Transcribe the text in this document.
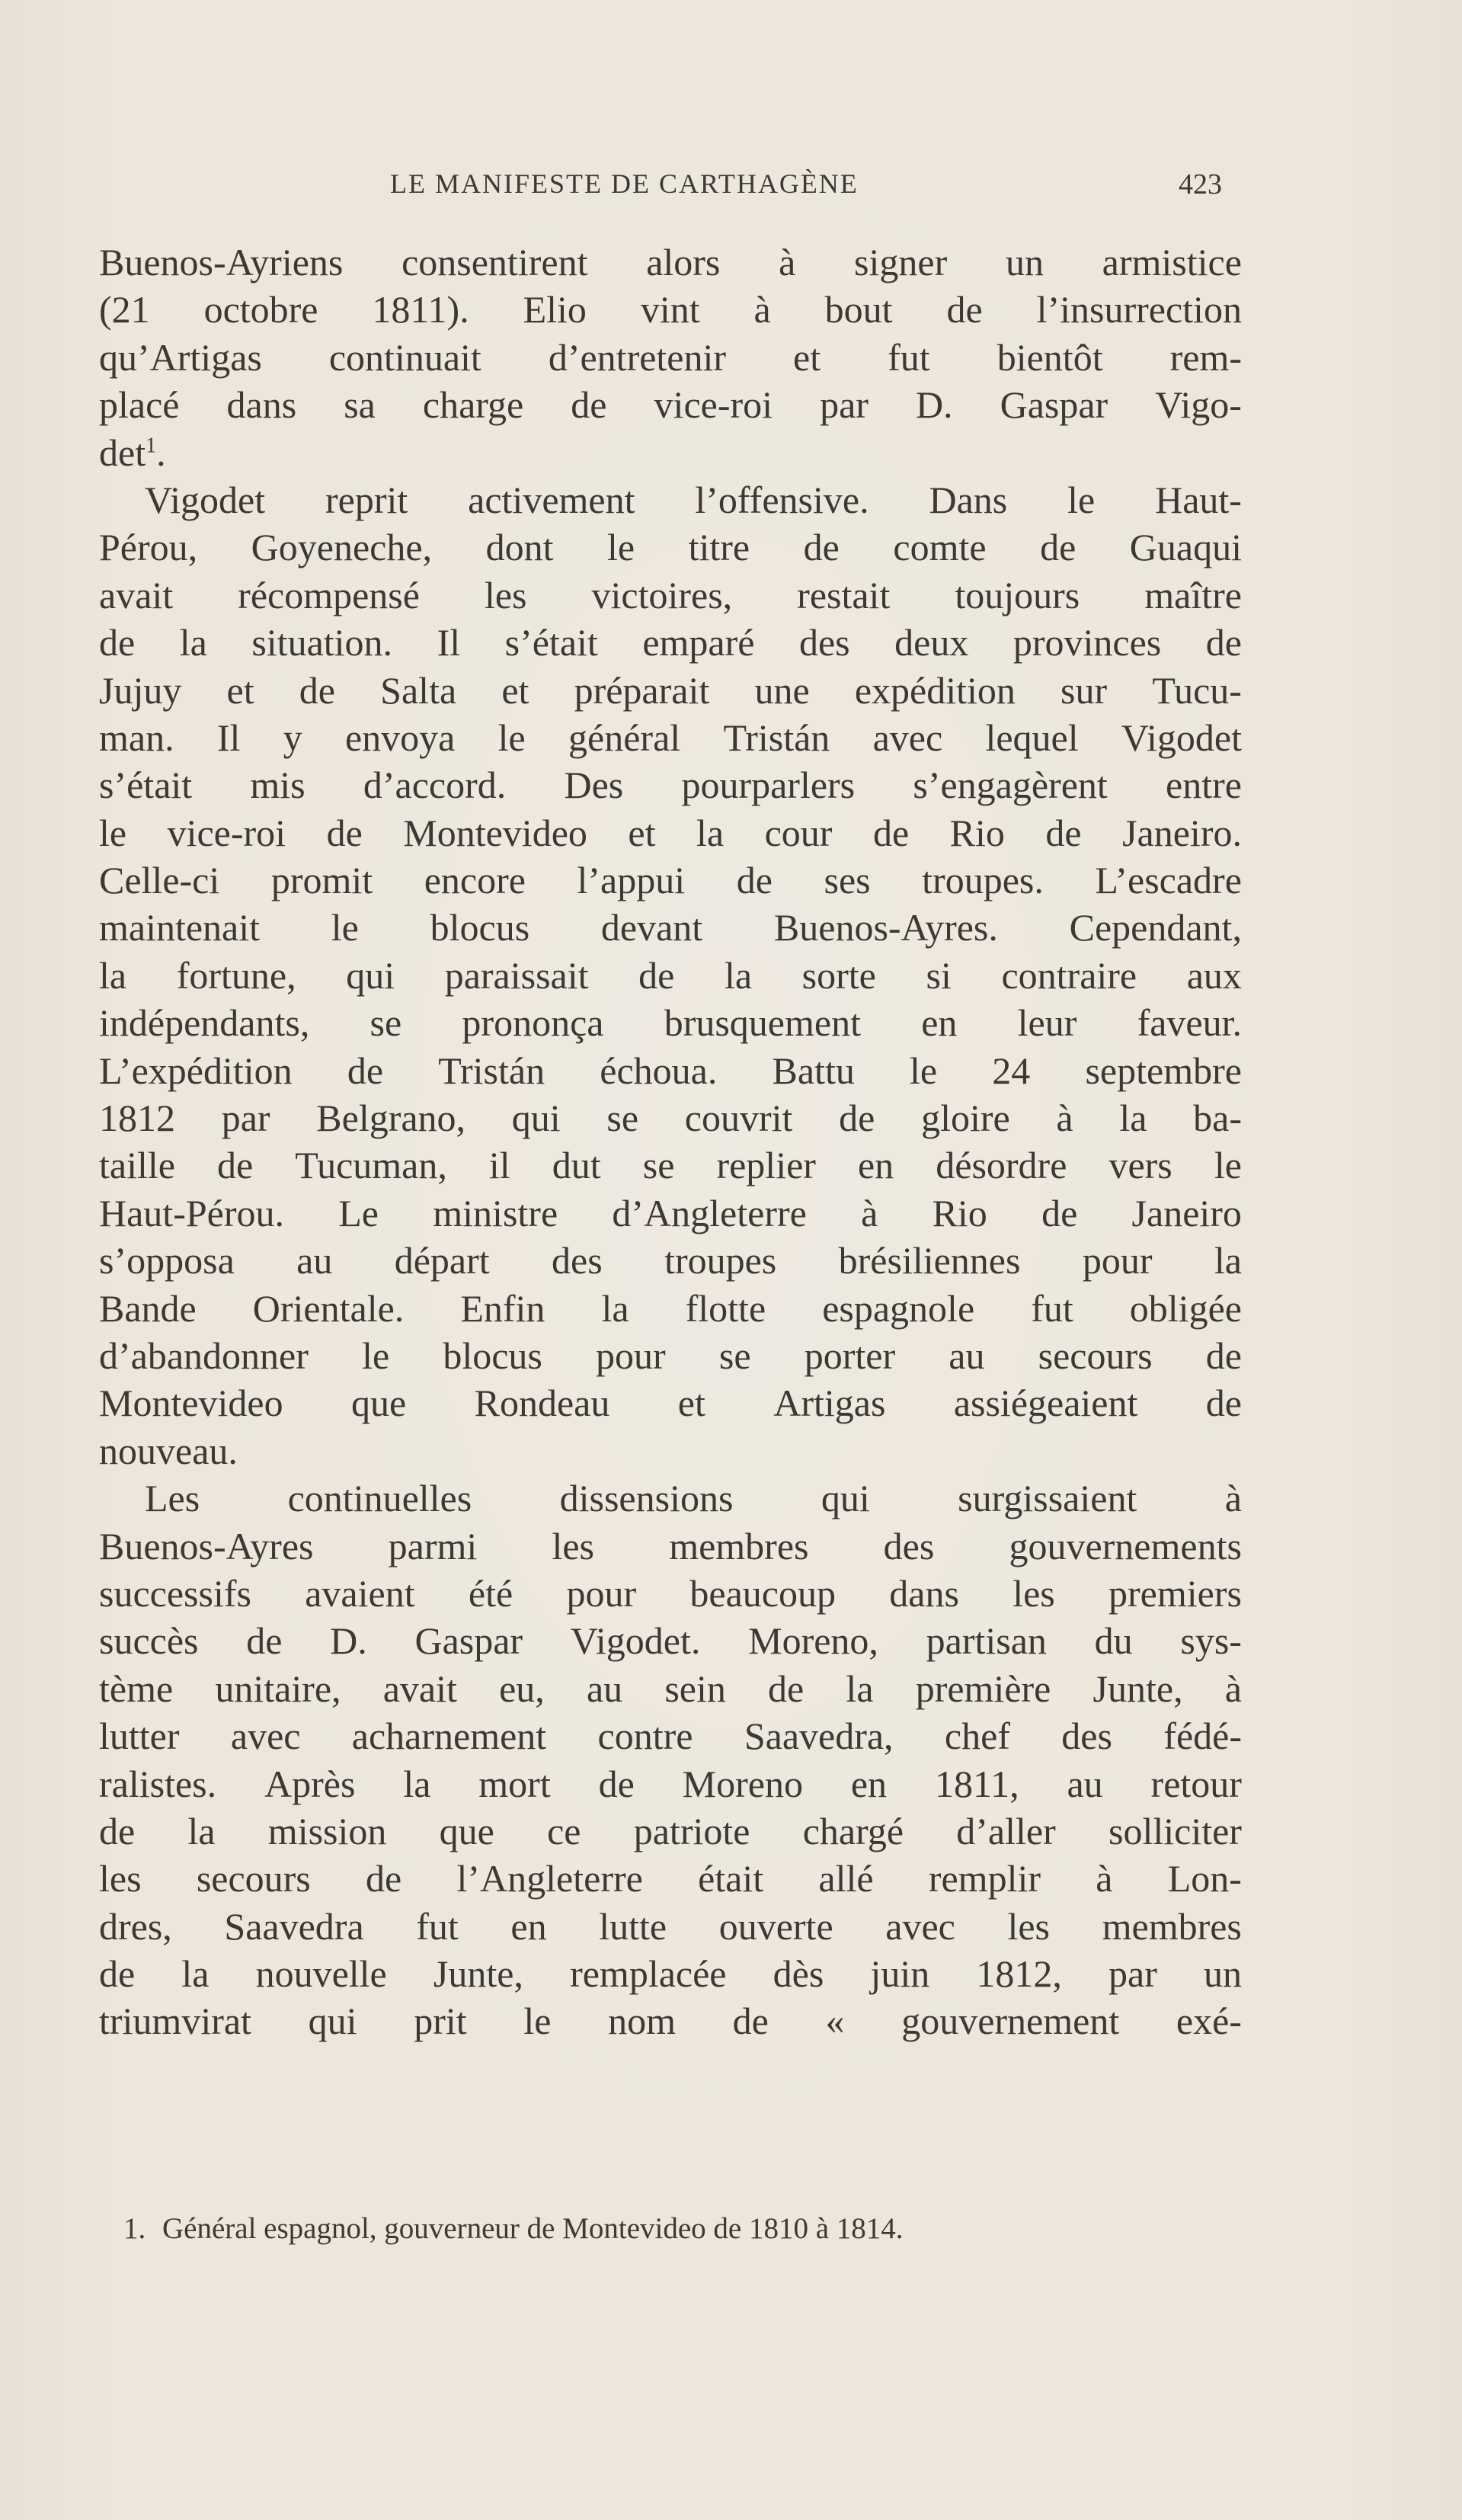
LE MANIFESTE DE CARTHAGÈNE	423
Buenos-Ayriens consentirent alors à signer un armistice
(21 octobre 1811). Elio vint à bout de l’insurrection
qu’Artigas continuait d’entretenir et fut bientôt rem-
placé dans sa charge de vice-roi par D. Gaspar Vigo-
det$^1$.
Vigodet reprit activement l’offensive. Dans le Haut-
Pérou, Goyeneche, dont le titre de comte de Guaqui
avait récompensé les victoires, restait toujours maître
de la situation. Il s’était emparé des deux provinces de
Jujuy et de Salta et préparait une expédition sur Tucu-
man. Il y envoya le général Tristán avec lequel Vigodet
s’était mis d’accord. Des pourparlers s’engagèrent entre
le vice-roi de Montevideo et la cour de Rio de Janeiro.
Celle-ci promit encore l’appui de ses troupes. L’escadre
maintenait le blocus devant Buenos-Ayres. Cependant,
la fortune, qui paraissait de la sorte si contraire aux
indépendants, se prononça brusquement en leur faveur.
L’expédition de Tristán échoua. Battu le 24 septembre
1812 par Belgrano, qui se couvrit de gloire à la ba-
taille de Tucuman, il dut se replier en désordre vers le
Haut-Pérou. Le ministre d’Angleterre à Rio de Janeiro
s’opposa au départ des troupes brésiliennes pour la
Bande Orientale. Enfin la flotte espagnole fut obligée
d’abandonner le blocus pour se porter au secours de
Montevideo que Rondeau et Artigas assiégeaient de
nouveau.
Les continuelles dissensions qui surgissaient à
Buenos-Ayres parmi les membres des gouvernements
successifs avaient été pour beaucoup dans les premiers
succès de D. Gaspar Vigodet. Moreno, partisan du sys-
tème unitaire, avait eu, au sein de la première Junte, à
lutter avec acharnement contre Saavedra, chef des fédé-
ralistes. Après la mort de Moreno en 1811, au retour
de la mission que ce patriote chargé d’aller solliciter
les secours de l’Angleterre était allé remplir à Lon-
dres, Saavedra fut en lutte ouverte avec les membres
de la nouvelle Junte, remplacée dès juin 1812, par un
triumvirat qui prit le nom de « gouvernement exé-
1. Général espagnol, gouverneur de Montevideo de 1810 à 1814.
